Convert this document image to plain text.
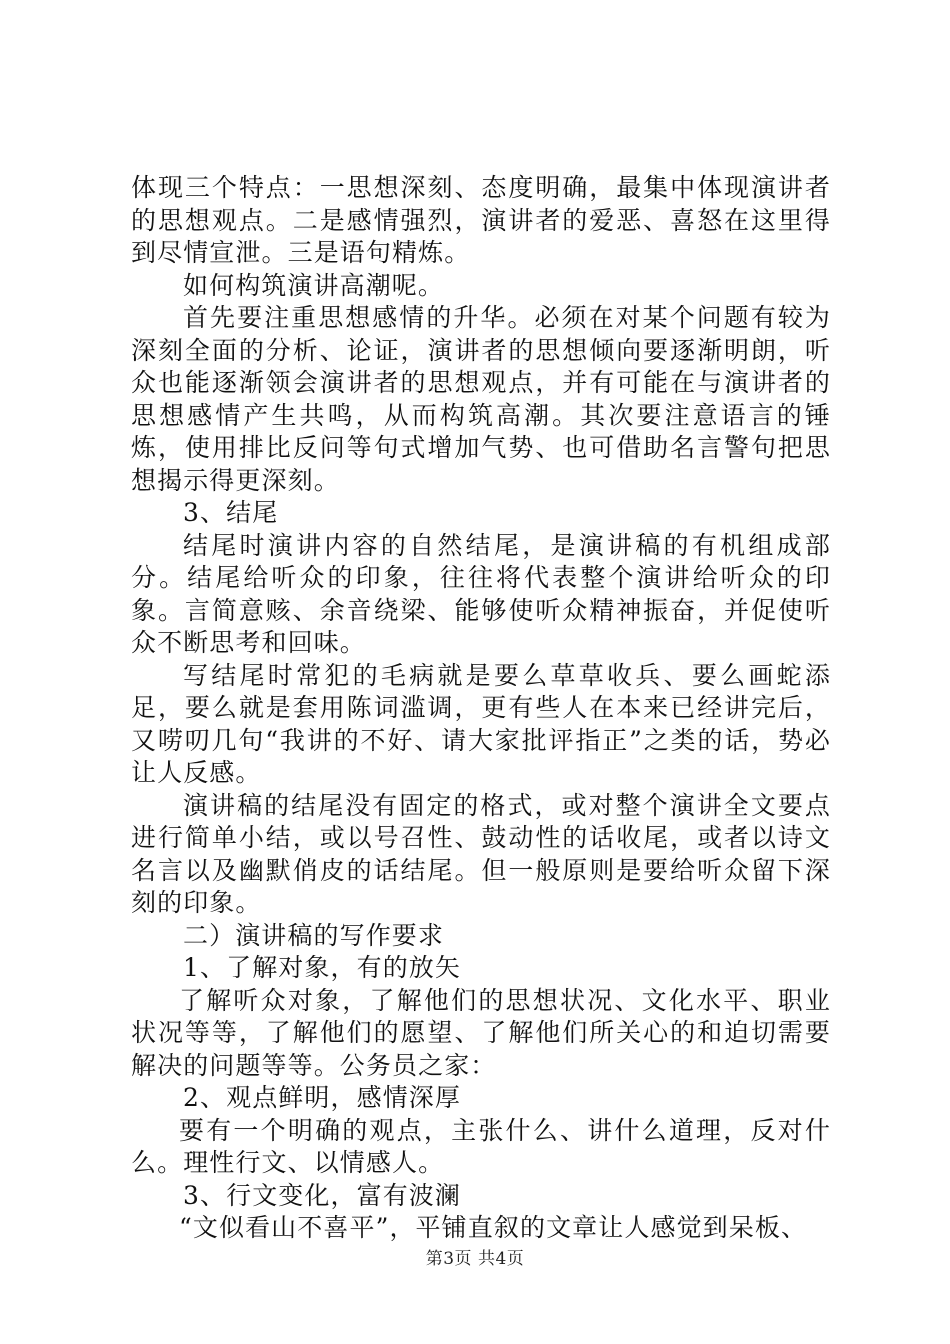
体现三个特点：一思想深刻、态度明确，最集中体现演讲者的思想观点。二是感情强烈，演讲者的爱恶、喜怒在这里得到尽情宣泄。三是语句精炼。

如何构筑演讲高潮呢。

首先要注重思想感情的升华。必须在对某个问题有较为深刻全面的分析、论证，演讲者的思想倾向要逐渐明朗，听众也能逐渐领会演讲者的思想观点，并有可能在与演讲者的思想感情产生共鸣，从而构筑高潮。其次要注意语言的锤炼，使用排比反问等句式增加气势、也可借助名言警句把思想揭示得更深刻。

3、结尾

结尾时演讲内容的自然结尾，是演讲稿的有机组成部分。结尾给听众的印象，往往将代表整个演讲给听众的印象。言简意赅、余音绕梁、能够使听众精神振奋，并促使听众不断思考和回味。

写结尾时常犯的毛病就是要么草草收兵、要么画蛇添足，要么就是套用陈词滥调，更有些人在本来已经讲完后，又唠叨几句“我讲的不好、请大家批评指正”之类的话，势必让人反感。

演讲稿的结尾没有固定的格式，或对整个演讲全文要点进行简单小结，或以号召性、鼓动性的话收尾，或者以诗文名言以及幽默俏皮的话结尾。但一般原则是要给听众留下深刻的印象。

二）演讲稿的写作要求

1、了解对象，有的放矢

了解听众对象，了解他们的思想状况、文化水平、职业状况等等，了解他们的愿望、了解他们所关心的和迫切需要解决的问题等等。公务员之家：

2、观点鲜明，感情深厚

要有一个明确的观点，主张什么、讲什么道理，反对什么。理性行文、以情感人。

3、行文变化，富有波澜

“文似看山不喜平”，平铺直叙的文章让人感觉到呆板、

第3页 共4页
